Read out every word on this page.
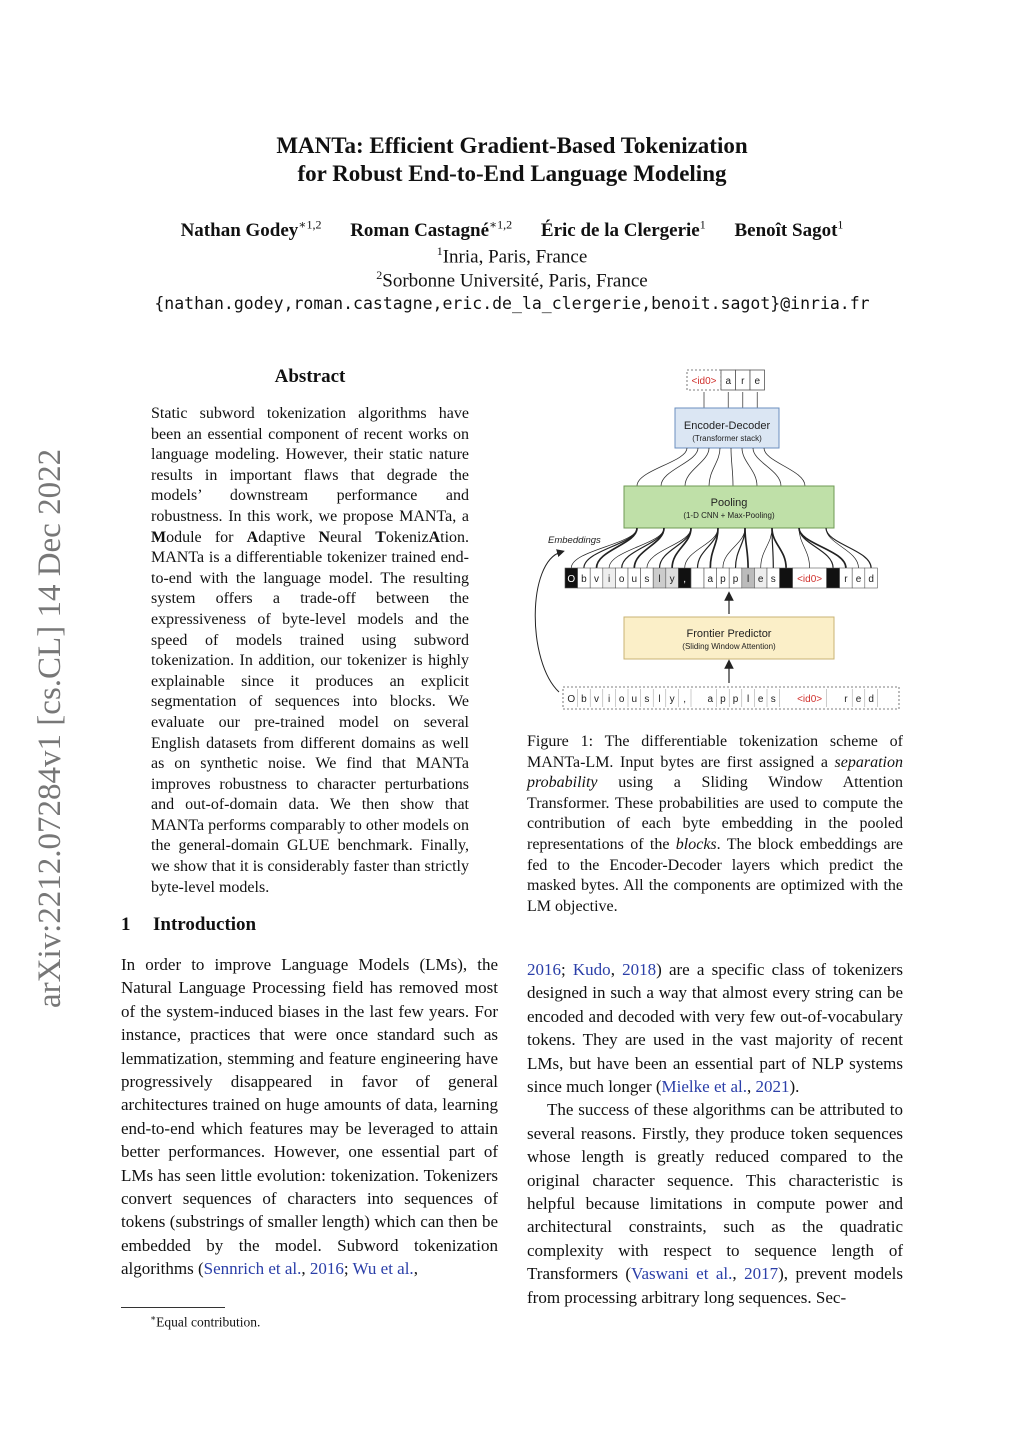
arXiv:2212.07284v1 [cs.CL] 14 Dec 2022
MANTa: Efficient Gradient-Based Tokenization
for Robust End-to-End Language Modeling
Nathan Godey$^{∗1,2}$ Roman Castagné$^{∗1,2}$ Éric de la Clergerie$^1$ Benoît Sagot$^1$
$^1$Inria, Paris, France
$^2$Sorbonne Université, Paris, France
{nathan.godey,roman.castagne,eric.de_la_clergerie,benoit.sagot}@inria.fr
Abstract
Static subword tokenization algorithms have been an essential component of recent works on language modeling. However, their static nature results in important flaws that degrade the models’ downstream performance and robustness. In this work, we propose MANTa, a Module for Adaptive Neural TokenizAtion. MANTa is a differentiable tokenizer trained end-to-end with the language model. The resulting system offers a trade-off between the expressiveness of byte-level models and the speed of models trained using subword tokenization. In addition, our tokenizer is highly explainable since it produces an explicit segmentation of sequences into blocks. We evaluate our pre-trained model on several English datasets from different domains as well as on synthetic noise. We find that MANTa improves robustness to character perturbations and out-of-domain data. We then show that MANTa performs comparably to other models on the general-domain GLUE benchmark. Finally, we show that it is considerably faster than strictly byte-level models.
1 Introduction
In order to improve Language Models (LMs), the Natural Language Processing field has removed most of the system-induced biases in the last few years. For instance, practices that were once standard such as lemmatization, stemming and feature engineering have progressively disappeared in favor of general architectures trained on huge amounts of data, learning end-to-end which features may be leveraged to attain better performances. However, one essential part of LMs has seen little evolution: tokenization. Tokenizers convert sequences of characters into sequences of tokens (substrings of smaller length) which can then be embedded by the model. Subword tokenization algorithms (Sennrich et al., 2016; Wu et al.,
∗Equal contribution.
<id0> a r e
Encoder-Decoder
(Transformer stack)
Pooling
(1-D CNN + Max-Pooling)
Embeddings
O b v i o u s l y , a p p l e s <id0> r e d
Frontier Predictor
(Sliding Window Attention)
O b v i o u s l y , a p p l e s <id0> r e d
Figure 1: The differentiable tokenization scheme of MANTa-LM. Input bytes are first assigned a separation probability using a Sliding Window Attention Transformer. These probabilities are used to compute the contribution of each byte embedding in the pooled representations of the blocks. The block embeddings are fed to the Encoder-Decoder layers which predict the masked bytes. All the components are optimized with the LM objective.

2016; Kudo, 2018) are a specific class of tokenizers designed in such a way that almost every string can be encoded and decoded with very few out-of-vocabulary tokens. They are used in the vast majority of recent LMs, but have been an essential part of NLP systems since much longer (Mielke et al., 2021).

The success of these algorithms can be attributed to several reasons. Firstly, they produce token sequences whose length is greatly reduced compared to the original character sequence. This characteristic is helpful because limitations in compute power and architectural constraints, such as the quadratic complexity with respect to sequence length of Transformers (Vaswani et al., 2017), prevent models from processing arbitrary long sequences. Sec-
